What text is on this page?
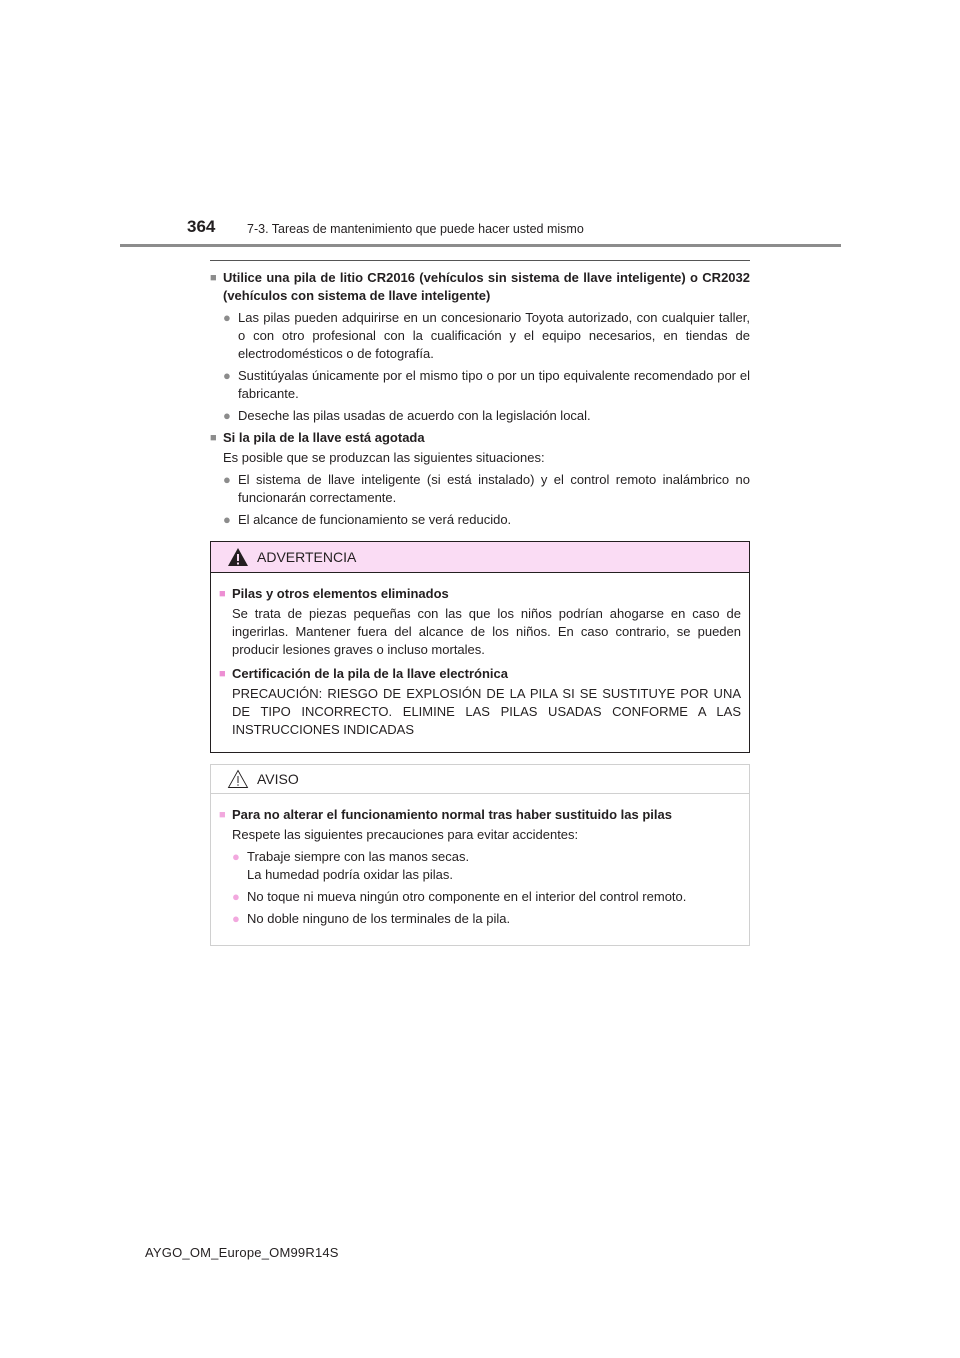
364	7-3. Tareas de mantenimiento que puede hacer usted mismo
■ Utilice una pila de litio CR2016 (vehículos sin sistema de llave inteligente) o CR2032 (vehículos con sistema de llave inteligente)
● Las pilas pueden adquirirse en un concesionario Toyota autorizado, con cualquier taller, o con otro profesional con la cualificación y el equipo necesarios, en tiendas de electrodomésticos o de fotografía.
● Sustitúyalas únicamente por el mismo tipo o por un tipo equivalente recomendado por el fabricante.
● Deseche las pilas usadas de acuerdo con la legislación local.
■ Si la pila de la llave está agotada
Es posible que se produzcan las siguientes situaciones:
● El sistema de llave inteligente (si está instalado) y el control remoto inalámbrico no funcionarán correctamente.
● El alcance de funcionamiento se verá reducido.
ADVERTENCIA
■ Pilas y otros elementos eliminados
Se trata de piezas pequeñas con las que los niños podrían ahogarse en caso de ingerirlas. Mantener fuera del alcance de los niños. En caso contrario, se pueden producir lesiones graves o incluso mortales.
■ Certificación de la pila de la llave electrónica
PRECAUCIÓN: RIESGO DE EXPLOSIÓN DE LA PILA SI SE SUSTITUYE POR UNA DE TIPO INCORRECTO. ELIMINE LAS PILAS USADAS CONFORME A LAS INSTRUCCIONES INDICADAS
AVISO
■ Para no alterar el funcionamiento normal tras haber sustituido las pilas
Respete las siguientes precauciones para evitar accidentes:
● Trabaje siempre con las manos secas.
La humedad podría oxidar las pilas.
● No toque ni mueva ningún otro componente en el interior del control remoto.
● No doble ninguno de los terminales de la pila.
AYGO_OM_Europe_OM99R14S
